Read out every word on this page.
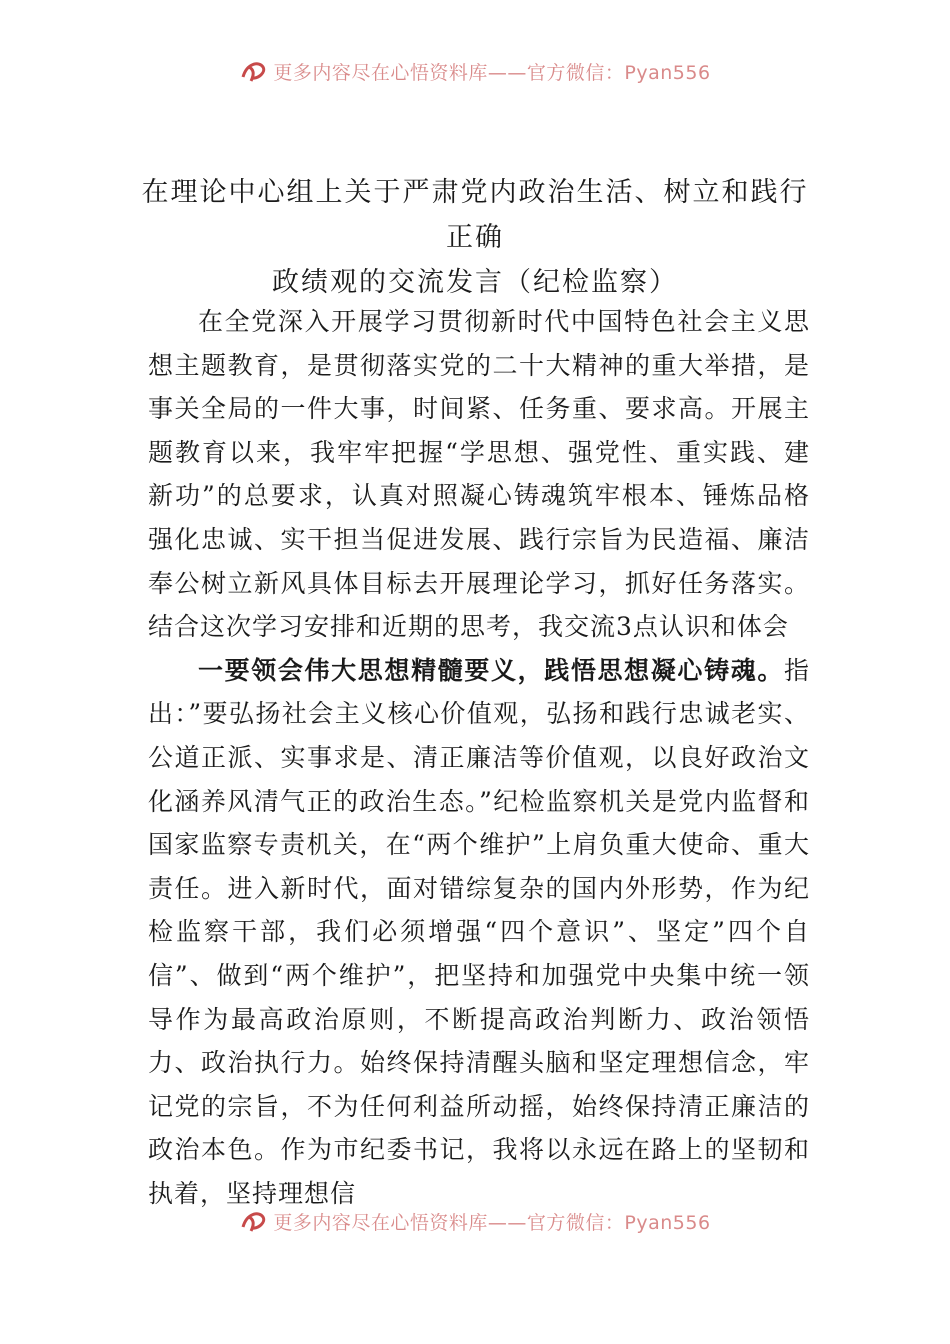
更多内容尽在心悟资料库——官方微信：Pyan556
在理论中心组上关于严肃党内政治生活、树立和践行正确
政绩观的交流发言（纪检监察）

在全党深入开展学习贯彻新时代中国特色社会主义思想主题教育，是贯彻落实党的二十大精神的重大举措，是事关全局的一件大事，时间紧、任务重、要求高。开展主题教育以来，我牢牢把握“学思想、强党性、重实践、建新功”的总要求，认真对照凝心铸魂筑牢根本、锤炼品格强化忠诚、实干担当促进发展、践行宗旨为民造福、廉洁奉公树立新风具体目标去开展理论学习，抓好任务落实。结合这次学习安排和近期的思考，我交流3点认识和体会

一要领会伟大思想精髓要义，践悟思想凝心铸魂。指出：”要弘扬社会主义核心价值观，弘扬和践行忠诚老实、公道正派、实事求是、清正廉洁等价值观，以良好政治文化涵养风清气正的政治生态。”纪检监察机关是党内监督和国家监察专责机关，在“两个维护”上肩负重大使命、重大责任。进入新时代，面对错综复杂的国内外形势，作为纪检监察干部，我们必须增强“四个意识”、坚定”四个自信”、做到“两个维护”，把坚持和加强党中央集中统一领导作为最高政治原则，不断提高政治判断力、政治领悟力、政治执行力。始终保持清醒头脑和坚定理想信念，牢记党的宗旨，不为任何利益所动摇，始终保持清正廉洁的政治本色。作为市纪委书记，我将以永远在路上的坚韧和执着，坚持理想信

更多内容尽在心悟资料库——官方微信：Pyan556
